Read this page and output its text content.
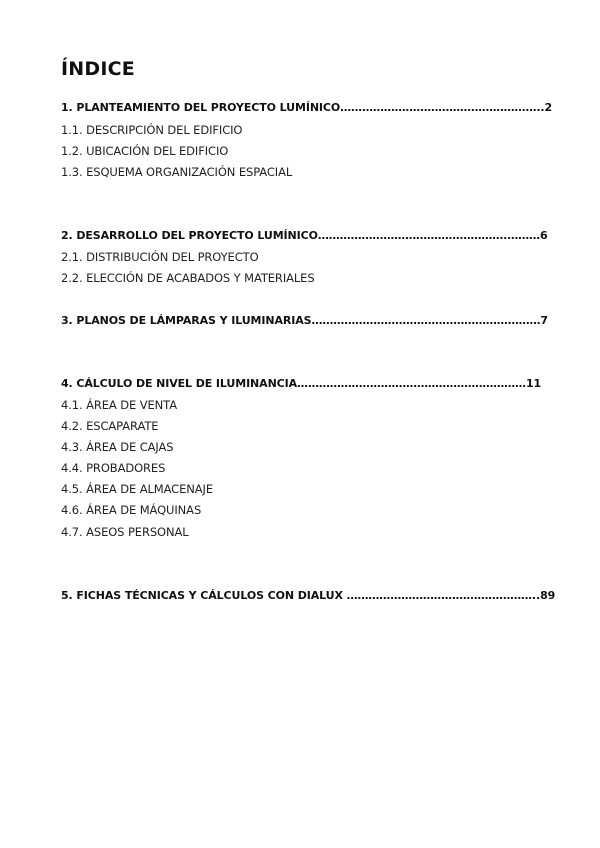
ÍNDICE
1. PLANTEAMIENTO DEL PROYECTO LUMÍNICO………………………………………………..2
1.1. DESCRIPCIÓN DEL EDIFICIO
1.2. UBICACIÓN DEL EDIFICIO
1.3. ESQUEMA ORGANIZACIÓN ESPACIAL
2. DESARROLLO DEL PROYECTO LUMÍNICO…………………………………………….………6
2.1. DISTRIBUCIÓN DEL PROYECTO
2.2. ELECCIÓN DE ACABADOS Y MATERIALES
3. PLANOS DE LÁMPARAS Y ILUMINARIAS………………………………………………………7
4. CÁLCULO DE NIVEL DE ILUMINANCIA………………………………………………………11
4.1. ÁREA DE VENTA
4.2. ESCAPARATE
4.3. ÁREA DE CAJAS
4.4. PROBADORES
4.5. ÁREA DE ALMACENAJE
4.6. ÁREA DE MÁQUINAS
4.7. ASEOS PERSONAL
5. FICHAS TÉCNICAS Y CÁLCULOS CON DIALUX ……………………………………………..89
